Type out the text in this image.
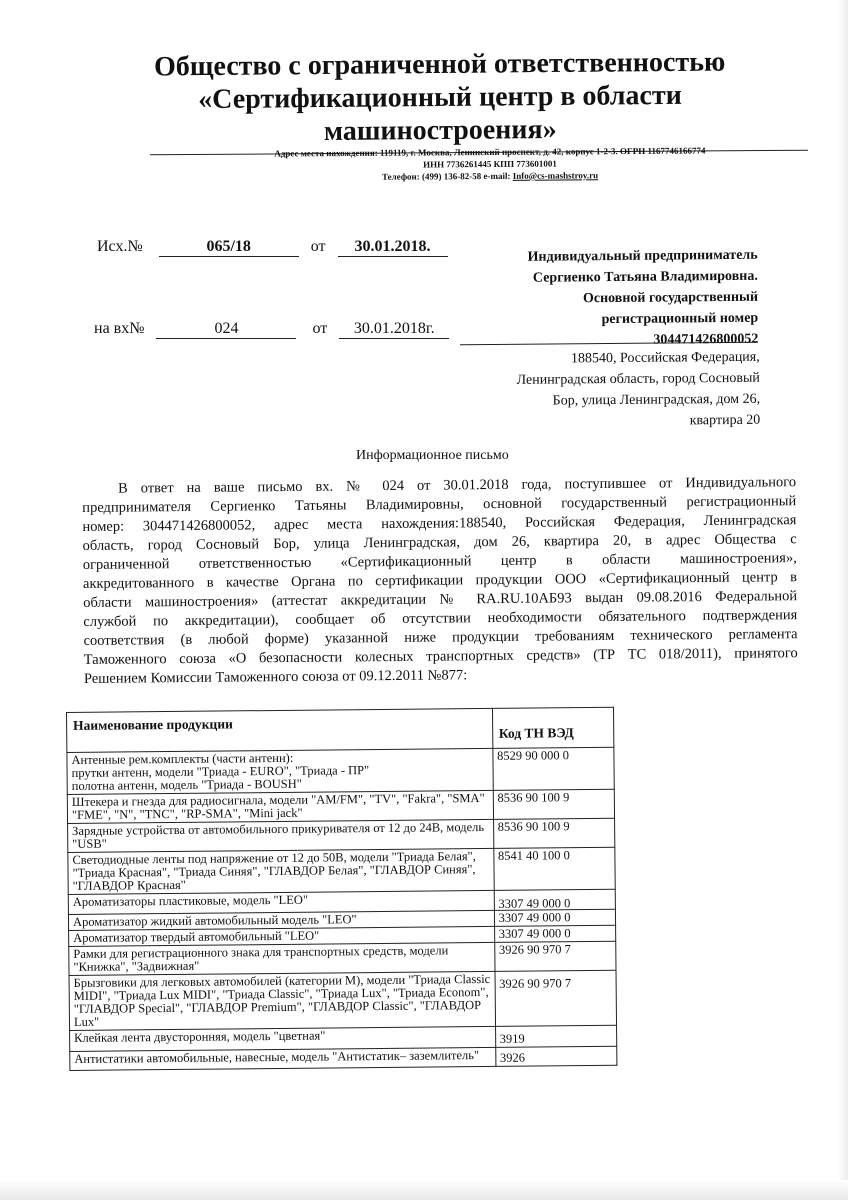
Общество с ограниченной ответственностью
«Сертификационный центр в области
машиностроения»
Адрес места нахождения: 119119, г. Москва, Ленинский проспект, д. 42, корпус 1-2-3. ОГРН 1167746166774
ИНН 7736261445 КПП 773601001
Телефон: (499) 136-82-58 e-mail: Info@cs-mashstroy.ru
Исх.№	065/18	от 30.01.2018.
на вх№	024	от 30.01.2018г.
Индивидуальный предприниматель
Сергиенко Татьяна Владимировна.
Основной государственный
регистрационный номер
304471426800052
188540, Российская Федерация,
Ленинградская область, город Сосновый
Бор, улица Ленинградская, дом 26,
квартира 20
Информационное письмо
В ответ на ваше письмо вх. № 024 от 30.01.2018 года, поступившее от Индивидуального
предпринимателя Сергиенко Татьяны Владимировны, основной государственный регистрационный
номер: 304471426800052, адрес места нахождения:188540, Российская Федерация, Ленинградская
область, город Сосновый Бор, улица Ленинградская, дом 26, квартира 20, в адрес Общества с
ограниченной ответственностью «Сертификационный центр в области машиностроения»,
аккредитованного в качестве Органа по сертификации продукции ООО «Сертификационный центр в
области машиностроения» (аттестат аккредитации № RA.RU.10АБ93 выдан 09.08.2016 Федеральной
службой по аккредитации), сообщает об отсутствии необходимости обязательного подтверждения
соответствия (в любой форме) указанной ниже продукции требованиям технического регламента
Таможенного союза «О безопасности колесных транспортных средств» (ТР ТС 018/2011), принятого
Решением Комиссии Таможенного союза от 09.12.2011 №877:
Наименование продукции	Код ТН ВЭД

Антенные рем.комплекты (части антенн):
прутки антенн, модели "Триада - EURO", "Триада - ПР"
полотна антенн, модель "Триада - BOUSH"	8529 90 000 0

Штекера и гнезда для радиосигнала, модели "AM/FM", "TV", "Fakra", "SMA"
"FME", "N", "TNC", "RP-SMA", "Mini jack"	8536 90 100 9

Зарядные устройства от автомобильного прикуривателя от 12 до 24В, модель
"USB"	8536 90 100 9

Светодиодные ленты под напряжение от 12 до 50В, модели "Триада Белая",
"Триада Красная", "Триада Синяя", "ГЛАВДОР Белая", "ГЛАВДОР Синяя",
"ГЛАВДОР Красная"	8541 40 100 0

Ароматизаторы пластиковые, модель "LEO"	3307 49 000 0

Ароматизатор жидкий автомобильный модель "LEO"	3307 49 000 0

Ароматизатор твердый автомобильный "LEO"	3307 49 000 0

Рамки для регистрационного знака для транспортных средств, модели
"Книжка", "Задвижная"	3926 90 970 7

Брызговики для легковых автомобилей (категории М), модели "Триада Classic
MIDI", "Триада Lux MIDI", "Триада Classic", "Триада Lux", "Триада Econom",
"ГЛАВДОР Special", "ГЛАВДОР Premium", "ГЛАВДОР Classic", "ГЛАВДОР
Lux"	3926 90 970 7

Клейкая лента двусторонняя, модель "цветная"	3919

Антистатики автомобильные, навесные, модель "Антистатик– заземлитель"	3926
